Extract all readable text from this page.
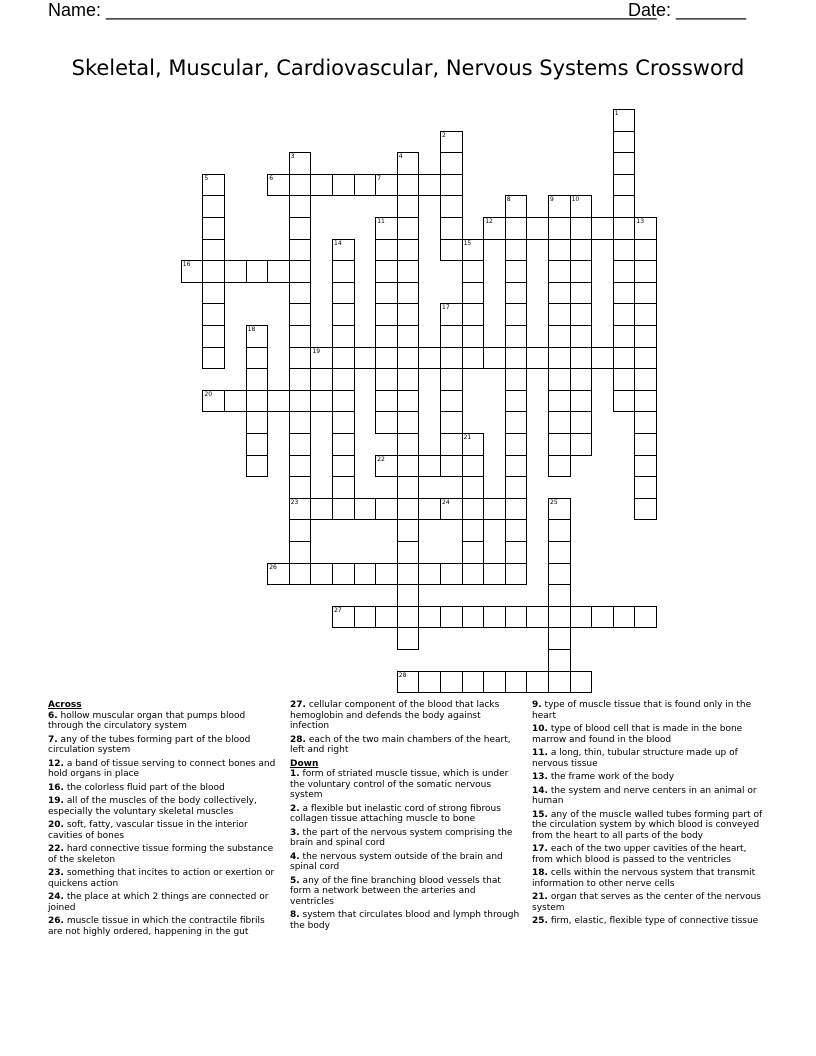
Name: _______________________________________________________
Date: _______
Skeletal, Muscular, Cardiovascular, Nervous Systems Crossword
1
2
3
23
4
5	6	7
8	9	10
11	12	13
14	15
16
17
18
19
20
21
22
24	25
26
27
28
Across
6. hollow muscular organ that pumps blood through the circulatory system
7. any of the tubes forming part of the blood circulation system
12. a band of tissue serving to connect bones and hold organs in place
16. the colorless fluid part of the blood
19. all of the muscles of the body collectively, especially the voluntary skeletal muscles
20. soft, fatty, vascular tissue in the interior cavities of bones
22. hard connective tissue forming the substance of the skeleton
23. something that incites to action or exertion or quickens action
24. the place at which 2 things are connected or joined
26. muscle tissue in which the contractile fibrils are not highly ordered, happening in the gut
27. cellular component of the blood that lacks hemoglobin and defends the body against infection
28. each of the two main chambers of the heart, left and right
Down
1. form of striated muscle tissue, which is under the voluntary control of the somatic nervous system
2. a flexible but inelastic cord of strong fibrous collagen tissue attaching muscle to bone
3. the part of the nervous system comprising the brain and spinal cord
4. the nervous system outside of the brain and spinal cord
5. any of the fine branching blood vessels that form a network between the arteries and ventricles
8. system that circulates blood and lymph through the body
9. type of muscle tissue that is found only in the heart
10. type of blood cell that is made in the bone marrow and found in the blood
11. a long, thin, tubular structure made up of nervous tissue
13. the frame work of the body
14. the system and nerve centers in an animal or human
15. any of the muscle walled tubes forming part of the circulation system by which blood is conveyed from the heart to all parts of the body
17. each of the two upper cavities of the heart, from which blood is passed to the ventricles
18. cells within the nervous system that transmit information to other nerve cells
21. organ that serves as the center of the nervous system
25. firm, elastic, flexible type of connective tissue
